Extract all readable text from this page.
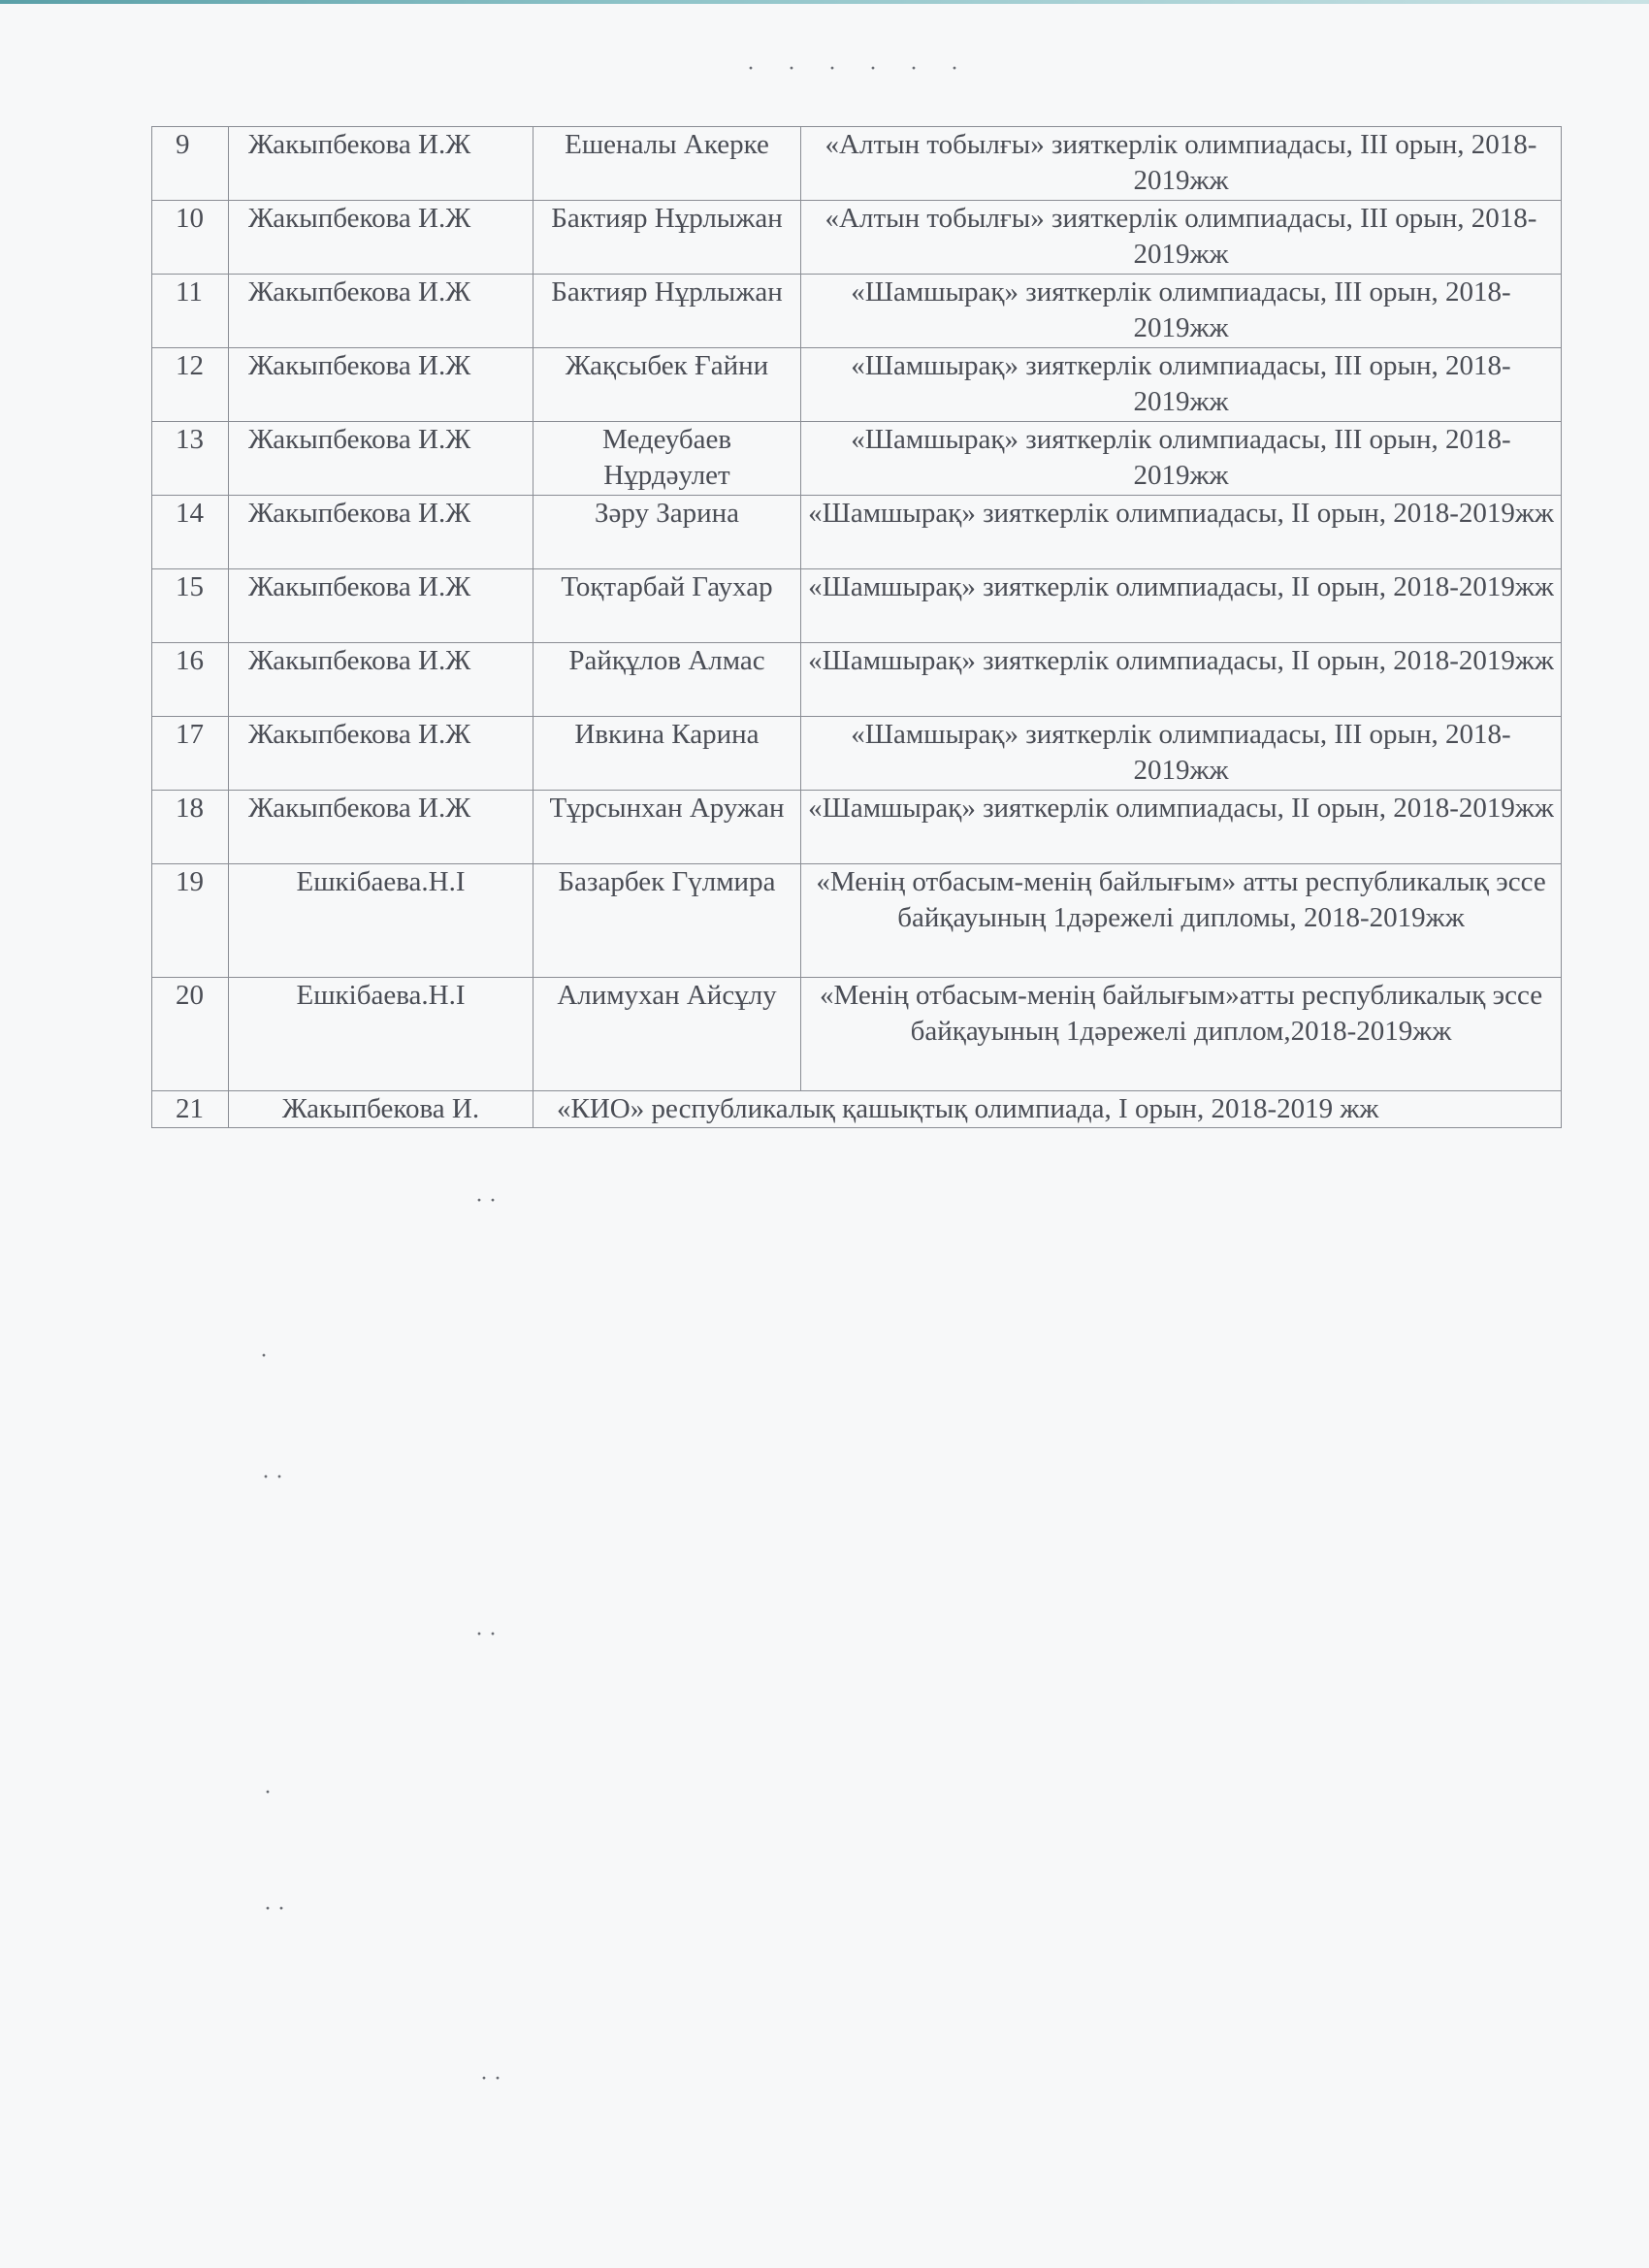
9	Жакыпбекова И.Ж	Ешеналы Акерке	«Алтын тобылғы» зияткерлік олимпиадасы, III орын, 2018-2019жж
10	Жакыпбекова И.Ж	Бактияр Нұрлыжан	«Алтын тобылғы» зияткерлік олимпиадасы, III орын, 2018-2019жж
11	Жакыпбекова И.Ж	Бактияр Нұрлыжан	«Шамшырақ» зияткерлік олимпиадасы, III орын, 2018-2019жж
12	Жакыпбекова И.Ж	Жақсыбек Ғайни	«Шамшырақ» зияткерлік олимпиадасы, III орын, 2018-2019жж
13	Жакыпбекова И.Ж	Медеубаев Нұрдәулет	«Шамшырақ» зияткерлік олимпиадасы, III орын, 2018-2019жж
14	Жакыпбекова И.Ж	Зәру Зарина	«Шамшырақ» зияткерлік олимпиадасы, II орын, 2018-2019жж
15	Жакыпбекова И.Ж	Тоқтарбай Гаухар	«Шамшырақ» зияткерлік олимпиадасы, II орын, 2018-2019жж
16	Жакыпбекова И.Ж	Райқұлов Алмас	«Шамшырақ» зияткерлік олимпиадасы, II орын, 2018-2019жж
17	Жакыпбекова И.Ж	Ивкина Карина	«Шамшырақ» зияткерлік олимпиадасы, III орын, 2018-2019жж
18	Жакыпбекова И.Ж	Тұрсынхан Аружан	«Шамшырақ» зияткерлік олимпиадасы, II орын, 2018-2019жж
19	Ешкібаева.Н.І	Базарбек Гүлмира	«Менің отбасым-менің байлығым» атты республикалық эссе байқауының 1дәрежелі дипломы, 2018-2019жж
20	Ешкібаева.Н.І	Алимухан Айсұлу	«Менің отбасым-менің байлығым»атты республикалық эссе байқауының 1дәрежелі диплом,2018-2019жж
21	Жакыпбекова И.	«КИО» республикалық қашықтық олимпиада, I орын, 2018-2019 жж	
· · · · · ·
· ·
·
· ·
· ·
·
· ·
· ·
